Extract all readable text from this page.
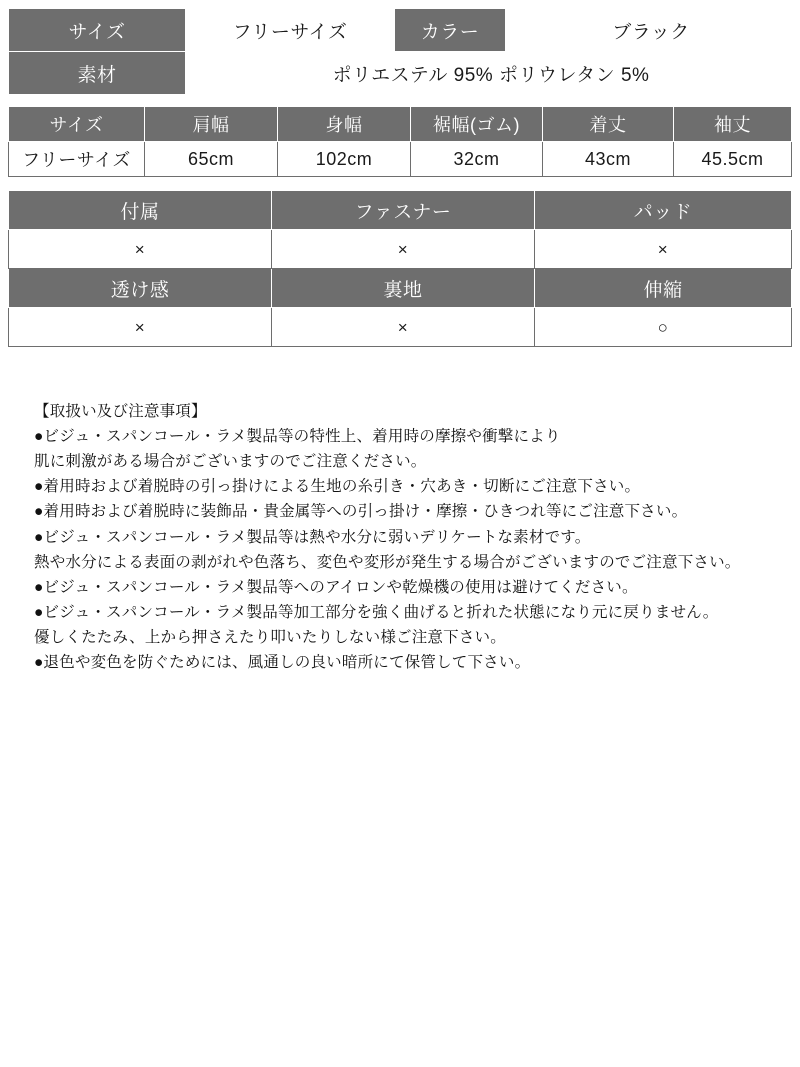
サイズ	フリーサイズ	カラー	ブラック
素材	ポリエステル 95% ポリウレタン 5%		
サイズ	肩幅	身幅	裾幅(ゴム)	着丈	袖丈
フリーサイズ	65cm	102cm	32cm	43cm	45.5cm
付属	ファスナー	パッド
×	×	×
透け感	裏地	伸縮
×	×	○
【取扱い及び注意事項】
●ビジュ・スパンコール・ラメ製品等の特性上、着用時の摩擦や衝撃により
肌に刺激がある場合がございますのでご注意ください。
●着用時および着脱時の引っ掛けによる生地の糸引き・穴あき・切断にご注意下さい。
●着用時および着脱時に装飾品・貴金属等への引っ掛け・摩擦・ひきつれ等にご注意下さい。
●ビジュ・スパンコール・ラメ製品等は熱や水分に弱いデリケートな素材です。
熱や水分による表面の剥がれや色落ち、変色や変形が発生する場合がございますのでご注意下さい。
●ビジュ・スパンコール・ラメ製品等へのアイロンや乾燥機の使用は避けてください。
●ビジュ・スパンコール・ラメ製品等加工部分を強く曲げると折れた状態になり元に戻りません。
優しくたたみ、上から押さえたり叩いたりしない様ご注意下さい。
●退色や変色を防ぐためには、風通しの良い暗所にて保管して下さい。
